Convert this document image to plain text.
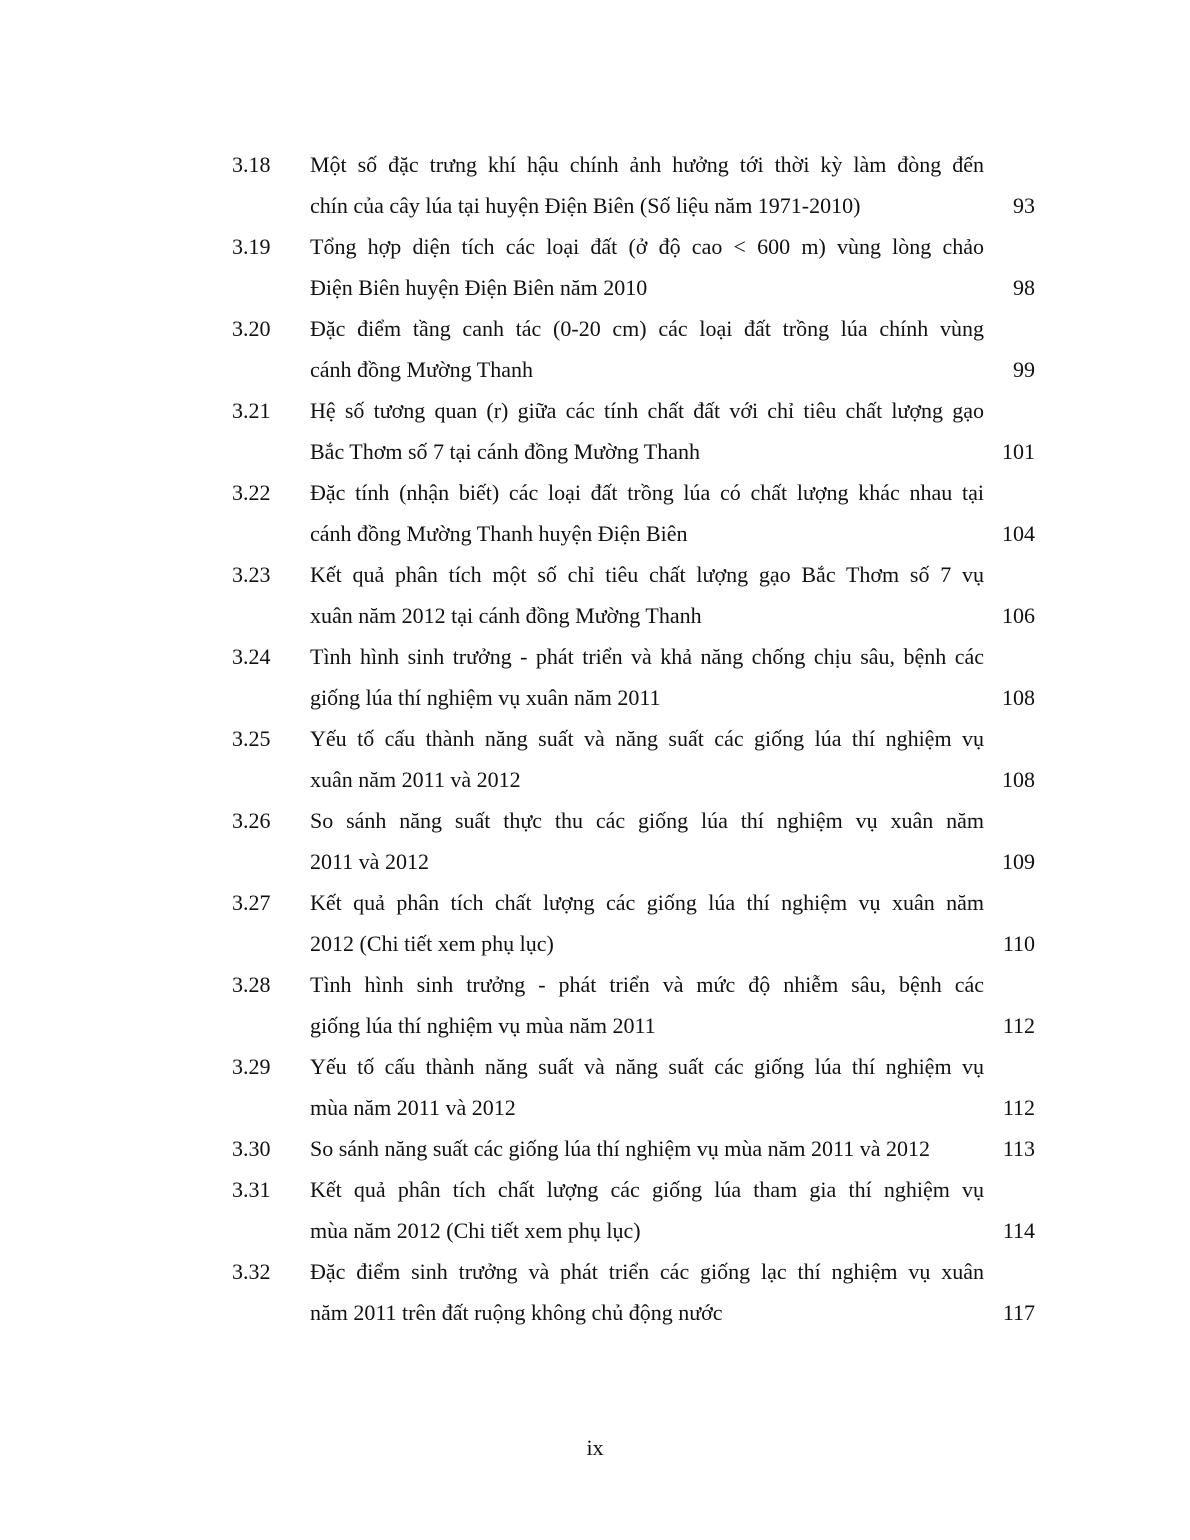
3.18 Một số đặc trưng khí hậu chính ảnh hưởng tới thời kỳ làm đòng đến
chín của cây lúa tại huyện Điện Biên (Số liệu năm 1971-2010)	93
3.19 Tổng hợp diện tích các loại đất (ở độ cao < 600 m) vùng lòng chảo
Điện Biên huyện Điện Biên năm 2010	98
3.20 Đặc điểm tầng canh tác (0-20 cm) các loại đất trồng lúa chính vùng
cánh đồng Mường Thanh	99
3.21 Hệ số tương quan (r) giữa các tính chất đất với chỉ tiêu chất lượng gạo
Bắc Thơm số 7 tại cánh đồng Mường Thanh	101
3.22 Đặc tính (nhận biết) các loại đất trồng lúa có chất lượng khác nhau tại
cánh đồng Mường Thanh huyện Điện Biên	104
3.23 Kết quả phân tích một số chỉ tiêu chất lượng gạo Bắc Thơm số 7 vụ
xuân năm 2012 tại cánh đồng Mường Thanh	106
3.24 Tình hình sinh trưởng - phát triển và khả năng chống chịu sâu, bệnh các
giống lúa thí nghiệm vụ xuân năm 2011	108
3.25 Yếu tố cấu thành năng suất và năng suất các giống lúa thí nghiệm vụ
xuân năm 2011 và 2012	108
3.26 So sánh năng suất thực thu các giống lúa thí nghiệm vụ xuân năm
2011 và 2012	109
3.27 Kết quả phân tích chất lượng các giống lúa thí nghiệm vụ xuân năm
2012 (Chi tiết xem phụ lục)	110
3.28 Tình hình sinh trưởng - phát triển và mức độ nhiễm sâu, bệnh các
giống lúa thí nghiệm vụ mùa năm 2011	112
3.29 Yếu tố cấu thành năng suất và năng suất các giống lúa thí nghiệm vụ
mùa năm 2011 và 2012	112
3.30 So sánh năng suất các giống lúa thí nghiệm vụ mùa năm 2011 và 2012	113
3.31 Kết quả phân tích chất lượng các giống lúa tham gia thí nghiệm vụ
mùa năm 2012 (Chi tiết xem phụ lục)	114
3.32 Đặc điểm sinh trưởng và phát triển các giống lạc thí nghiệm vụ xuân
năm 2011 trên đất ruộng không chủ động nước	117
ix
